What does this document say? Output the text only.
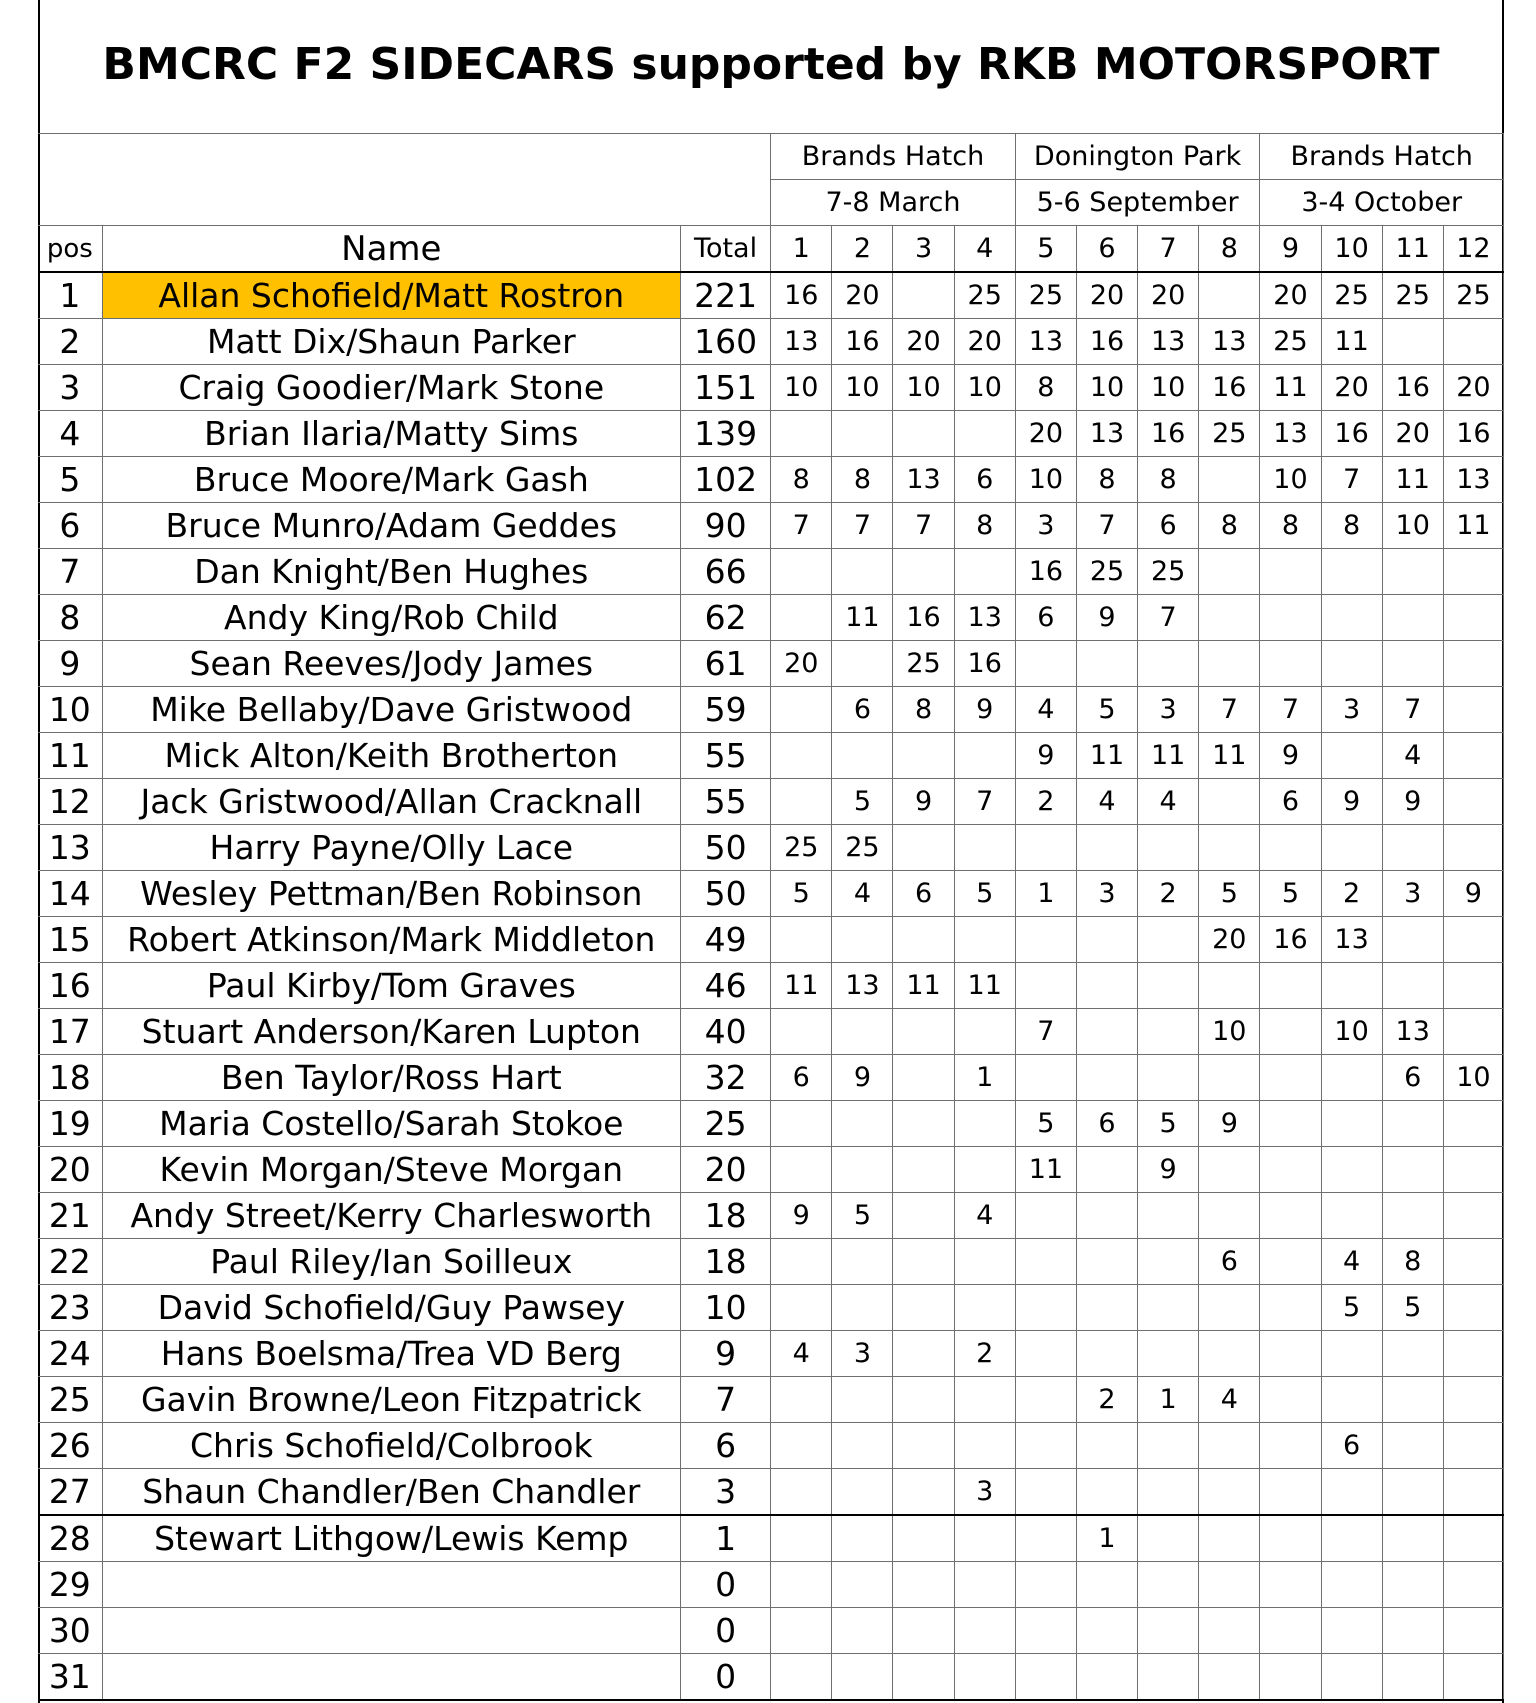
BMCRC F2 SIDECARS supported by RKB MOTORSPORT
			Brands Hatch				Donington Park				Brands Hatch			
			7-8 March				5-6 September				3-4 October			
pos	Name	Total	1	2	3	4	5	6	7	8	9	10	11	12
1	Allan Schofield/Matt Rostron	221	16	20		25	25	20	20		20	25	25	25
2	Matt Dix/Shaun Parker	160	13	16	20	20	13	16	13	13	25	11		
3	Craig Goodier/Mark Stone	151	10	10	10	10	8	10	10	16	11	20	16	20
4	Brian Ilaria/Matty Sims	139					20	13	16	25	13	16	20	16
5	Bruce Moore/Mark Gash	102	8	8	13	6	10	8	8		10	7	11	13
6	Bruce Munro/Adam Geddes	90	7	7	7	8	3	7	6	8	8	8	10	11
7	Dan Knight/Ben Hughes	66					16	25	25					
8	Andy King/Rob Child	62		11	16	13	6	9	7					
9	Sean Reeves/Jody James	61	20		25	16								
10	Mike Bellaby/Dave Gristwood	59		6	8	9	4	5	3	7	7	3	7	
11	Mick Alton/Keith Brotherton	55					9	11	11	11	9		4	
12	Jack Gristwood/Allan Cracknall	55		5	9	7	2	4	4		6	9	9	
13	Harry Payne/Olly Lace	50	25	25										
14	Wesley Pettman/Ben Robinson	50	5	4	6	5	1	3	2	5	5	2	3	9
15	Robert Atkinson/Mark Middleton	49								20	16	13		
16	Paul Kirby/Tom Graves	46	11	13	11	11								
17	Stuart Anderson/Karen Lupton	40					7			10		10	13	
18	Ben Taylor/Ross Hart	32	6	9		1							6	10
19	Maria Costello/Sarah Stokoe	25					5	6	5	9				
20	Kevin Morgan/Steve Morgan	20					11		9					
21	Andy Street/Kerry Charlesworth	18	9	5		4								
22	Paul Riley/Ian Soilleux	18								6		4	8	
23	David Schofield/Guy Pawsey	10										5	5	
24	Hans Boelsma/Trea VD Berg	9	4	3		2								
25	Gavin Browne/Leon Fitzpatrick	7						2	1	4				
26	Chris Schofield/Colbrook	6										6		
27	Shaun Chandler/Ben Chandler	3				3								
28	Stewart Lithgow/Lewis Kemp	1						1						
29		0												
30		0												
31		0												
